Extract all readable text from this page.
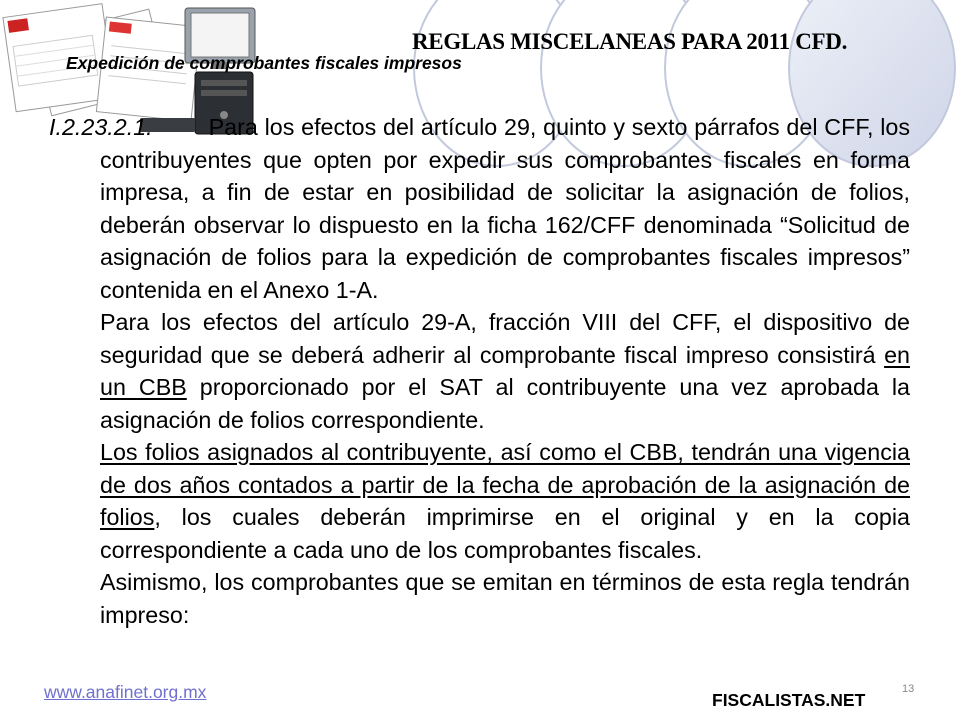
REGLAS MISCELANEAS PARA 2011 CFD.
Expedición de comprobantes fiscales impresos

I.2.23.2.1. Para los efectos del artículo 29, quinto y sexto párrafos del CFF, los contribuyentes que opten por expedir sus comprobantes fiscales en forma impresa, a fin de estar en posibilidad de solicitar la asignación de folios, deberán observar lo dispuesto en la ficha 162/CFF denominada “Solicitud de asignación de folios para la expedición de comprobantes fiscales impresos” contenida en el Anexo 1-A.

Para los efectos del artículo 29-A, fracción VIII del CFF, el dispositivo de seguridad que se deberá adherir al comprobante fiscal impreso consistirá en un CBB proporcionado por el SAT al contribuyente una vez aprobada la asignación de folios correspondiente.

Los folios asignados al contribuyente, así como el CBB, tendrán una vigencia de dos años contados a partir de la fecha de aprobación de la asignación de folios, los cuales deberán imprimirse en el original y en la copia correspondiente a cada uno de los comprobantes fiscales.

Asimismo, los comprobantes que se emitan en términos de esta regla tendrán impreso:

www.anafinet.org.mx	FISCALISTAS.NET
13
